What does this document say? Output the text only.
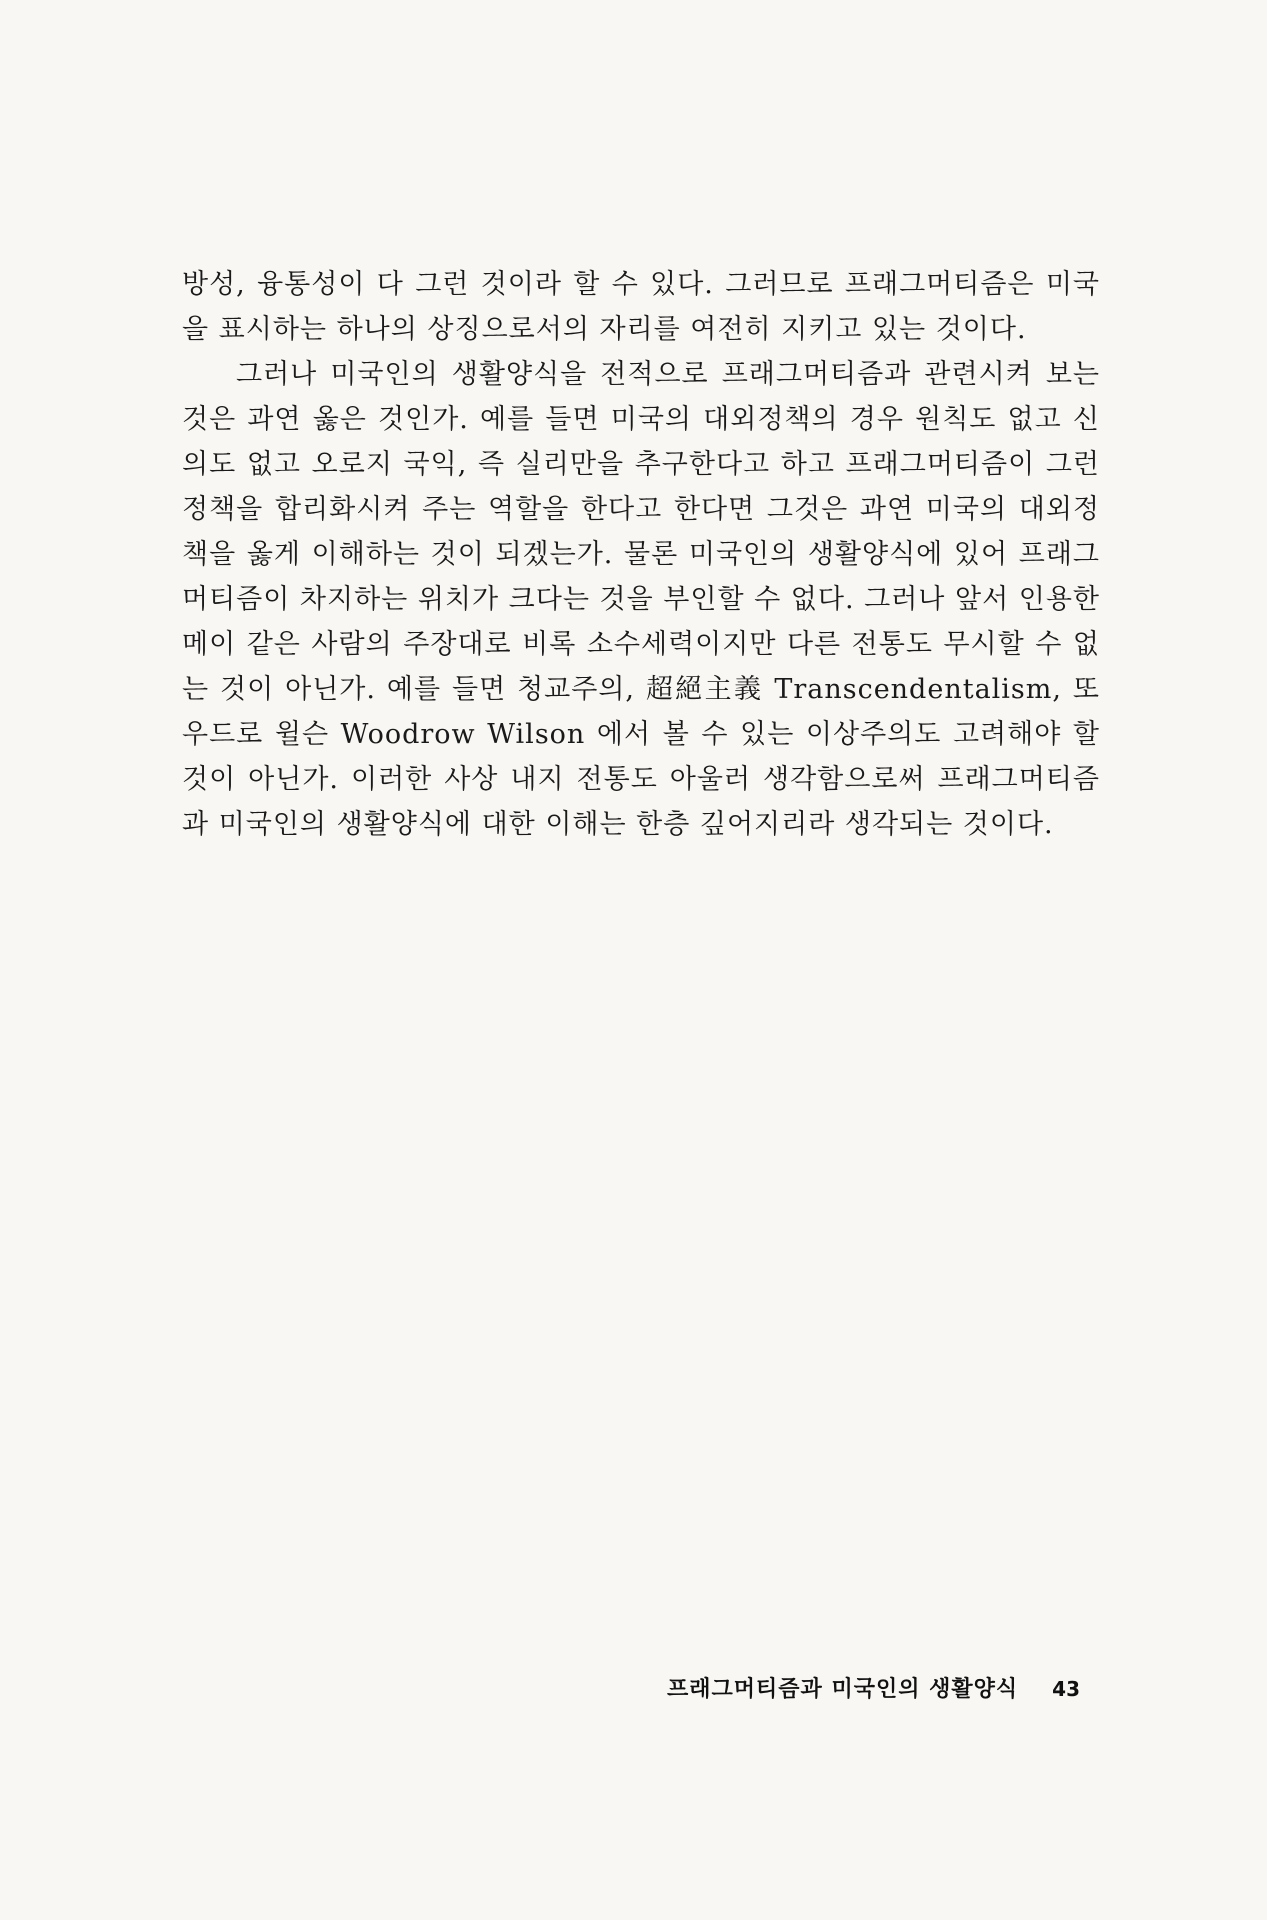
방성, 융통성이 다 그런 것이라 할 수 있다. 그러므로 프래그머티즘은 미국을 표시하는 하나의 상징으로서의 자리를 여전히 지키고 있는 것이다.

그러나 미국인의 생활양식을 전적으로 프래그머티즘과 관련시켜 보는 것은 과연 옳은 것인가. 예를 들면 미국의 대외정책의 경우 원칙도 없고 신의도 없고 오로지 국익, 즉 실리만을 추구한다고 하고 프래그머티즘이 그런 정책을 합리화시켜 주는 역할을 한다고 한다면 그것은 과연 미국의 대외정책을 옳게 이해하는 것이 되겠는가. 물론 미국인의 생활양식에 있어 프래그머티즘이 차지하는 위치가 크다는 것을 부인할 수 없다. 그러나 앞서 인용한 메이 같은 사람의 주장대로 비록 소수세력이지만 다른 전통도 무시할 수 없는 것이 아닌가. 예를 들면 청교주의, 超絕主義 Transcendentalism, 또 우드로 윌슨 Woodrow Wilson 에서 볼 수 있는 이상주의도 고려해야 할 것이 아닌가. 이러한 사상 내지 전통도 아울러 생각함으로써 프래그머티즘과 미국인의 생활양식에 대한 이해는 한층 깊어지리라 생각되는 것이다.

프래그머티즘과 미국인의 생활양식 43
